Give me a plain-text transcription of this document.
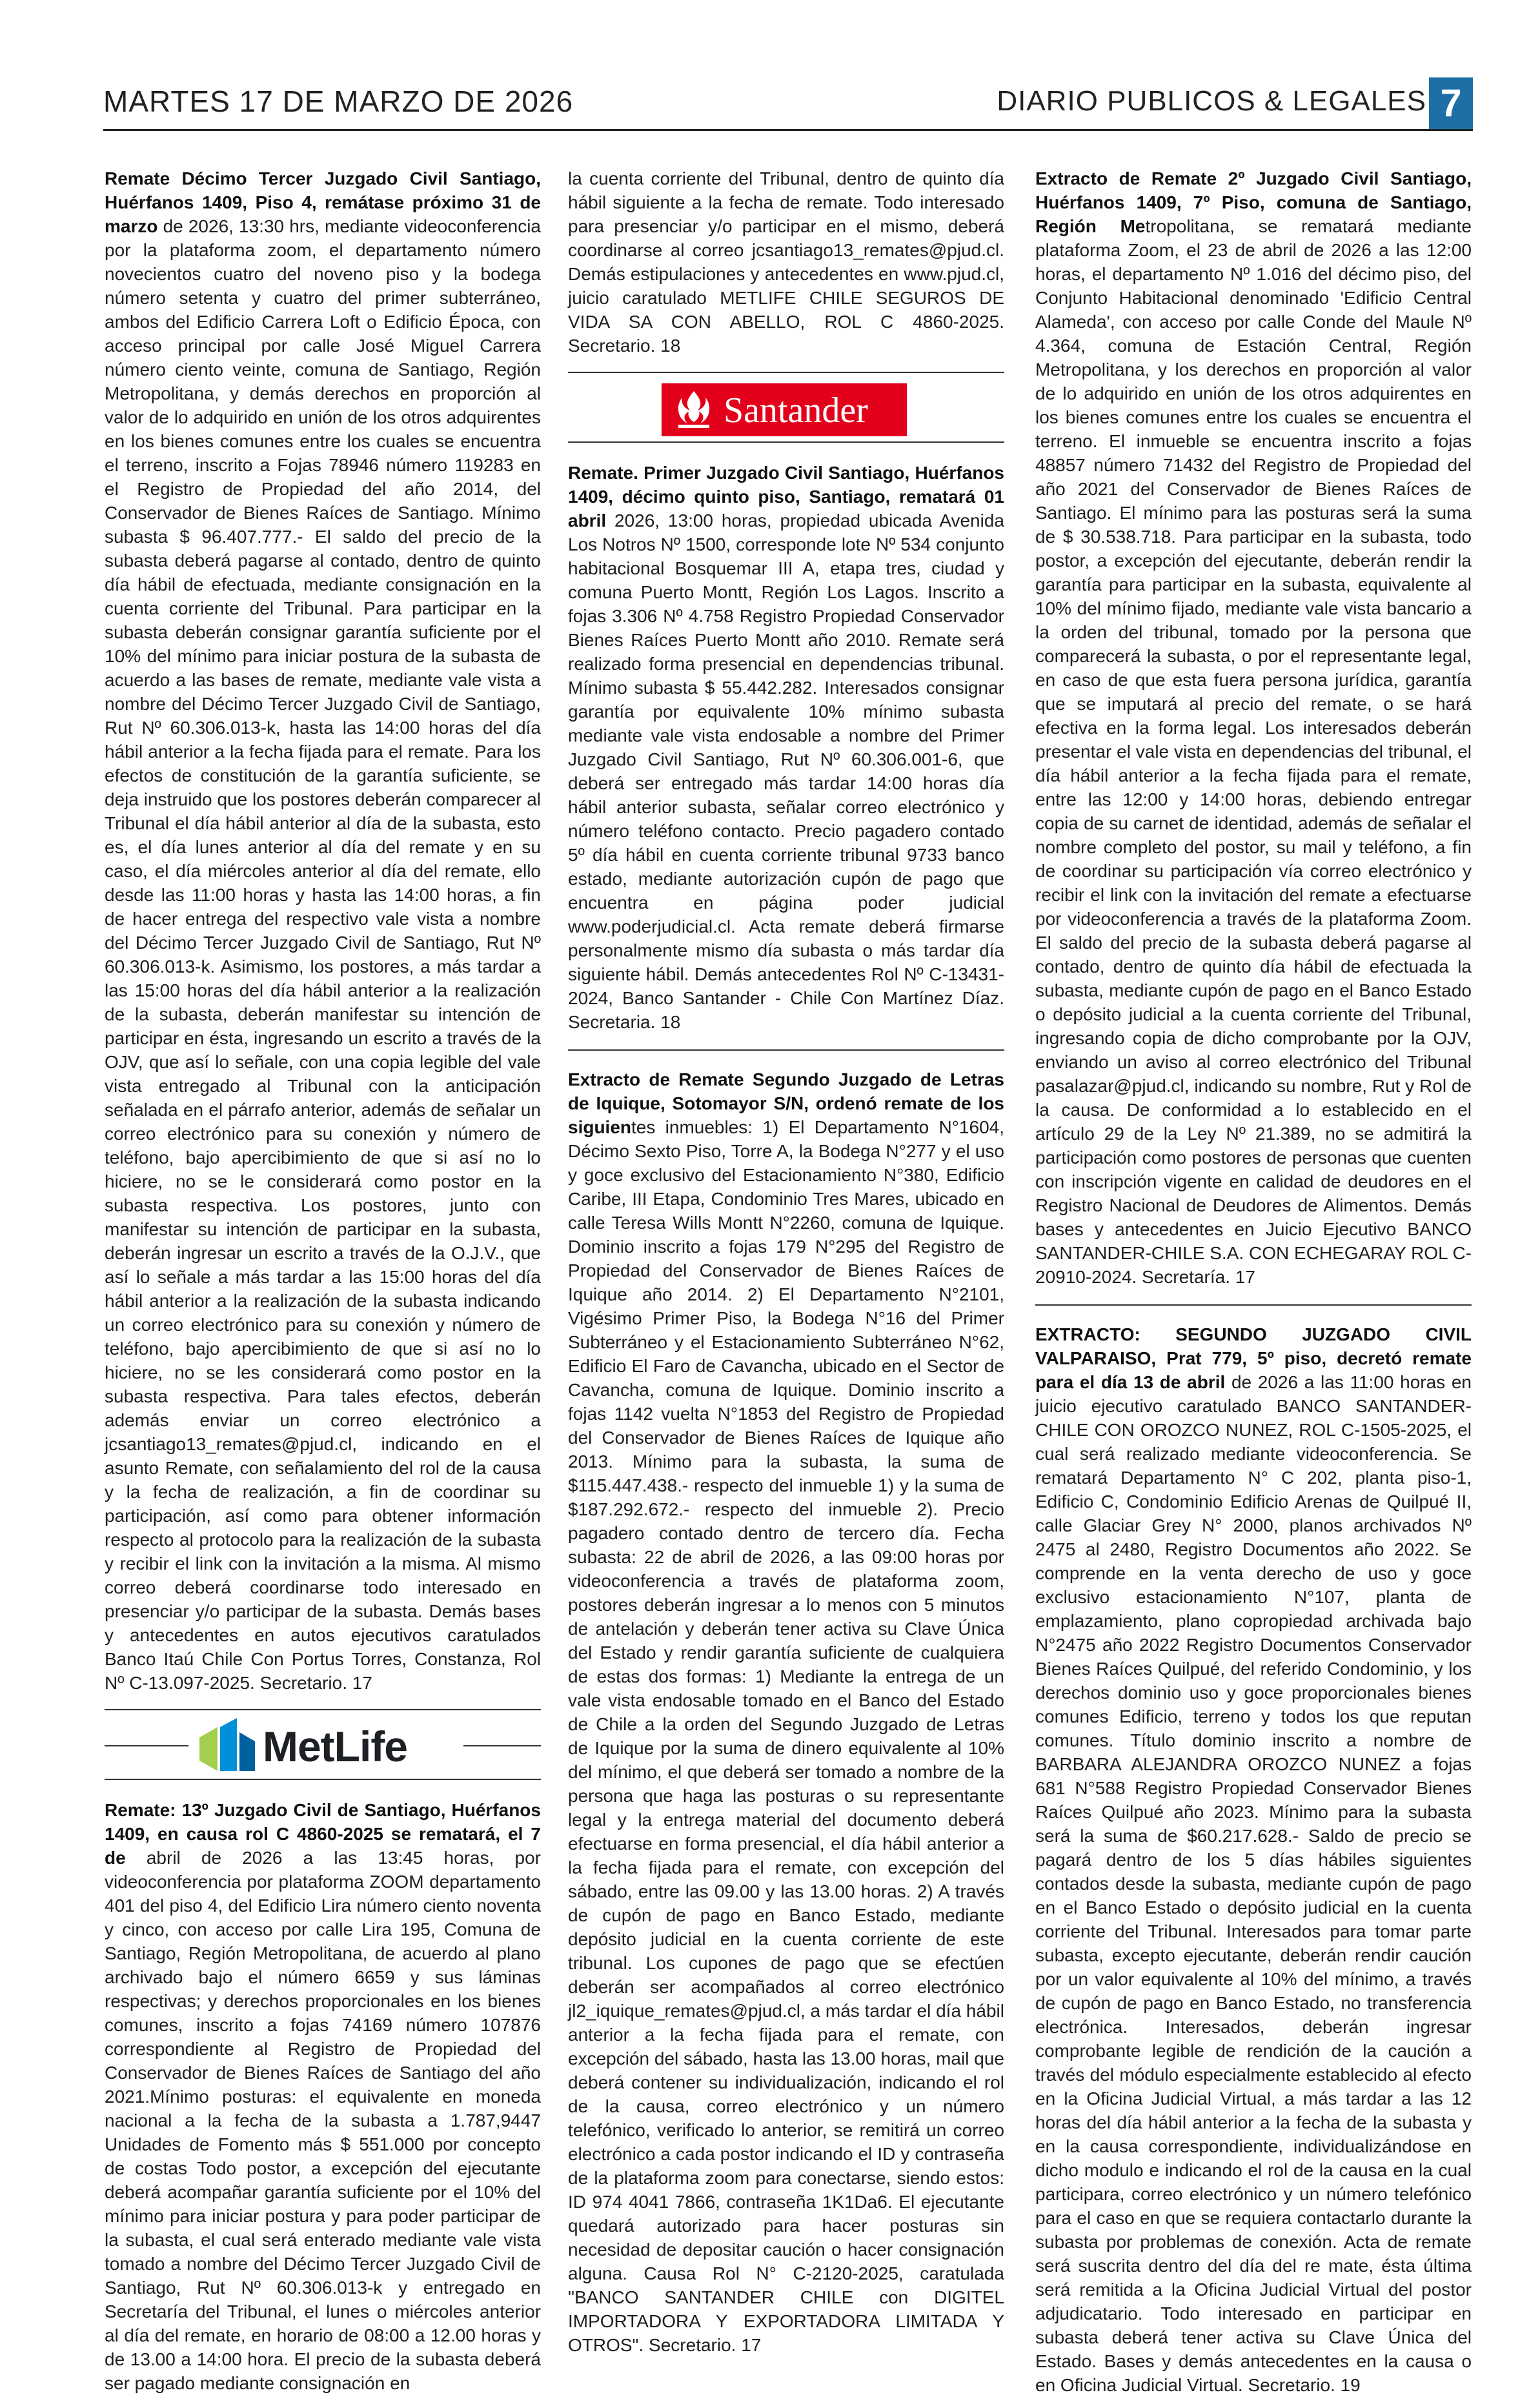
MARTES 17 DE MARZO DE 2026	DIARIO PUBLICOS & LEGALES 7
Remate Décimo Tercer Juzgado Civil Santiago, Huérfanos 1409, Piso 4, remátase próximo 31 de marzo de 2026, 13:30 hrs, mediante videoconferencia por la plataforma zoom, el departamento número novecientos cuatro del noveno piso y la bodega número setenta y cuatro del primer subterráneo, ambos del Edificio Carrera Loft o Edificio Época, con acceso principal por calle José Miguel Carrera número ciento veinte, comuna de Santiago, Región Metropolitana, y demás derechos en proporción al valor de lo adquirido en unión de los otros adquirentes en los bienes comunes entre los cuales se encuentra el terreno, inscrito a Fojas 78946 número 119283 en el Registro de Propiedad del año 2014, del Conservador de Bienes Raíces de Santiago. Mínimo subasta $ 96.407.777.- El saldo del precio de la subasta deberá pagarse al contado, dentro de quinto día hábil de efectuada, mediante consignación en la cuenta corriente del Tribunal. Para participar en la subasta deberán consignar garantía suficiente por el 10% del mínimo para iniciar postura de la subasta de acuerdo a las bases de remate, mediante vale vista a nombre del Décimo Tercer Juzgado Civil de Santiago, Rut Nº 60.306.013-k, hasta las 14:00 horas del día hábil anterior a la fecha fijada para el remate. Para los efectos de constitución de la garantía suficiente, se deja instruido que los postores deberán comparecer al Tribunal el día hábil anterior al día de la subasta, esto es, el día lunes anterior al día del remate y en su caso, el día miércoles anterior al día del remate, ello desde las 11:00 horas y hasta las 14:00 horas, a fin de hacer entrega del respectivo vale vista a nombre del Décimo Tercer Juzgado Civil de Santiago, Rut Nº 60.306.013-k. Asimismo, los postores, a más tardar a las 15:00 horas del día hábil anterior a la realización de la subasta, deberán manifestar su intención de participar en ésta, ingresando un escrito a través de la OJV, que así lo señale, con una copia legible del vale vista entregado al Tribunal con la anticipación señalada en el párrafo anterior, además de señalar un correo electrónico para su conexión y número de teléfono, bajo apercibimiento de que si así no lo hiciere, no se le considerará como postor en la subasta respectiva. Los postores, junto con manifestar su intención de participar en la subasta, deberán ingresar un escrito a través de la O.J.V., que así lo señale a más tardar a las 15:00 horas del día hábil anterior a la realización de la subasta indicando un correo electrónico para su conexión y número de teléfono, bajo apercibimiento de que si así no lo hiciere, no se les considerará como postor en la subasta respectiva. Para tales efectos, deberán además enviar un correo electrónico a jcsantiago13_remates@pjud.cl, indicando en el asunto Remate, con señalamiento del rol de la causa y la fecha de realización, a fin de coordinar su participación, así como para obtener información respecto al protocolo para la realización de la subasta y recibir el link con la invitación a la misma. Al mismo correo deberá coordinarse todo interesado en presenciar y/o participar de la subasta. Demás bases y antecedentes en autos ejecutivos caratulados Banco Itaú Chile Con Portus Torres, Constanza, Rol Nº C-13.097-2025. Secretario. 17
MetLife
Remate: 13º Juzgado Civil de Santiago, Huérfanos 1409, en causa rol C 4860-2025 se rematará, el 7 de abril de 2026 a las 13:45 horas, por videoconferencia por plataforma ZOOM departamento 401 del piso 4, del Edificio Lira número ciento noventa y cinco, con acceso por calle Lira 195, Comuna de Santiago, Región Metropolitana, de acuerdo al plano archivado bajo el número 6659 y sus láminas respectivas; y derechos proporcionales en los bienes comunes, inscrito a fojas 74169 número 107876 correspondiente al Registro de Propiedad del Conservador de Bienes Raíces de Santiago del año 2021.Mínimo posturas: el equivalente en moneda nacional a la fecha de la subasta a 1.787,9447 Unidades de Fomento más $ 551.000 por concepto de costas Todo postor, a excepción del ejecutante deberá acompañar garantía suficiente por el 10% del mínimo para iniciar postura y para poder participar de la subasta, el cual será enterado mediante vale vista tomado a nombre del Décimo Tercer Juzgado Civil de Santiago, Rut Nº 60.306.013-k y entregado en Secretaría del Tribunal, el lunes o miércoles anterior al día del remate, en horario de 08:00 a 12.00 horas y de 13.00 a 14:00 hora. El precio de la subasta deberá ser pagado mediante consignación en
la cuenta corriente del Tribunal, dentro de quinto día hábil siguiente a la fecha de remate. Todo interesado para presenciar y/o participar en el mismo, deberá coordinarse al correo jcsantiago13_remates@pjud.cl. Demás estipulaciones y antecedentes en www.pjud.cl, juicio caratulado METLIFE CHILE SEGUROS DE VIDA SA CON ABELLO, ROL C 4860-2025. Secretario. 18
Santander
Remate. Primer Juzgado Civil Santiago, Huérfanos 1409, décimo quinto piso, Santiago, rematará 01 abril 2026, 13:00 horas, propiedad ubicada Avenida Los Notros Nº 1500, corresponde lote Nº 534 conjunto habitacional Bosquemar III A, etapa tres, ciudad y comuna Puerto Montt, Región Los Lagos. Inscrito a fojas 3.306 Nº 4.758 Registro Propiedad Conservador Bienes Raíces Puerto Montt año 2010. Remate será realizado forma presencial en dependencias tribunal. Mínimo subasta $ 55.442.282. Interesados consignar garantía por equivalente 10% mínimo subasta mediante vale vista endosable a nombre del Primer Juzgado Civil Santiago, Rut Nº 60.306.001-6, que deberá ser entregado más tardar 14:00 horas día hábil anterior subasta, señalar correo electrónico y número teléfono contacto. Precio pagadero contado 5º día hábil en cuenta corriente tribunal 9733 banco estado, mediante autorización cupón de pago que encuentra en página poder judicial www.poderjudicial.cl. Acta remate deberá firmarse personalmente mismo día subasta o más tardar día siguiente hábil. Demás antecedentes Rol Nº C-13431-2024, Banco Santander - Chile Con Martínez Díaz. Secretaria. 18
Extracto de Remate Segundo Juzgado de Letras de Iquique, Sotomayor S/N, ordenó remate de los siguientes inmuebles: 1) El Departamento N°1604, Décimo Sexto Piso, Torre A, la Bodega N°277 y el uso y goce exclusivo del Estacionamiento N°380, Edificio Caribe, III Etapa, Condominio Tres Mares, ubicado en calle Teresa Wills Montt N°2260, comuna de Iquique. Dominio inscrito a fojas 179 N°295 del Registro de Propiedad del Conservador de Bienes Raíces de Iquique año 2014. 2) El Departamento N°2101, Vigésimo Primer Piso, la Bodega N°16 del Primer Subterráneo y el Estacionamiento Subterráneo N°62, Edificio El Faro de Cavancha, ubicado en el Sector de Cavancha, comuna de Iquique. Dominio inscrito a fojas 1142 vuelta N°1853 del Registro de Propiedad del Conservador de Bienes Raíces de Iquique año 2013. Mínimo para la subasta, la suma de $115.447.438.- respecto del inmueble 1) y la suma de $187.292.672.- respecto del inmueble 2). Precio pagadero contado dentro de tercero día. Fecha subasta: 22 de abril de 2026, a las 09:00 horas por videoconferencia a través de plataforma zoom, postores deberán ingresar a lo menos con 5 minutos de antelación y deberán tener activa su Clave Única del Estado y rendir garantía suficiente de cualquiera de estas dos formas: 1) Mediante la entrega de un vale vista endosable tomado en el Banco del Estado de Chile a la orden del Segundo Juzgado de Letras de Iquique por la suma de dinero equivalente al 10% del mínimo, el que deberá ser tomado a nombre de la persona que haga las posturas o su representante legal y la entrega material del documento deberá efectuarse en forma presencial, el día hábil anterior a la fecha fijada para el remate, con excepción del sábado, entre las 09.00 y las 13.00 horas. 2) A través de cupón de pago en Banco Estado, mediante depósito judicial en la cuenta corriente de este tribunal. Los cupones de pago que se efectúen deberán ser acompañados al correo electrónico jl2_iquique_remates@pjud.cl, a más tardar el día hábil anterior a la fecha fijada para el remate, con excepción del sábado, hasta las 13.00 horas, mail que deberá contener su individualización, indicando el rol de la causa, correo electrónico y un número telefónico, verificado lo anterior, se remitirá un correo electrónico a cada postor indicando el ID y contraseña de la plataforma zoom para conectarse, siendo estos: ID 974 4041 7866, contraseña 1K1Da6. El ejecutante quedará autorizado para hacer posturas sin necesidad de depositar caución o hacer consignación alguna. Causa Rol N° C-2120-2025, caratulada "BANCO SANTANDER CHILE con DIGITEL IMPORTADORA Y EXPORTADORA LIMITADA Y OTROS". Secretario. 17
Extracto de Remate 2º Juzgado Civil Santiago, Huérfanos 1409, 7º Piso, comuna de Santiago, Región Metropolitana, se rematará mediante plataforma Zoom, el 23 de abril de 2026 a las 12:00 horas, el departamento Nº 1.016 del décimo piso, del Conjunto Habitacional denominado 'Edificio Central Alameda', con acceso por calle Conde del Maule Nº 4.364, comuna de Estación Central, Región Metropolitana, y los derechos en proporción al valor de lo adquirido en unión de los otros adquirentes en los bienes comunes entre los cuales se encuentra el terreno. El inmueble se encuentra inscrito a fojas 48857 número 71432 del Registro de Propiedad del año 2021 del Conservador de Bienes Raíces de Santiago. El mínimo para las posturas será la suma de $ 30.538.718. Para participar en la subasta, todo postor, a excepción del ejecutante, deberán rendir la garantía para participar en la subasta, equivalente al 10% del mínimo fijado, mediante vale vista bancario a la orden del tribunal, tomado por la persona que comparecerá la subasta, o por el representante legal, en caso de que esta fuera persona jurídica, garantía que se imputará al precio del remate, o se hará efectiva en la forma legal. Los interesados deberán presentar el vale vista en dependencias del tribunal, el día hábil anterior a la fecha fijada para el remate, entre las 12:00 y 14:00 horas, debiendo entregar copia de su carnet de identidad, además de señalar el nombre completo del postor, su mail y teléfono, a fin de coordinar su participación vía correo electrónico y recibir el link con la invitación del remate a efectuarse por videoconferencia a través de la plataforma Zoom. El saldo del precio de la subasta deberá pagarse al contado, dentro de quinto día hábil de efectuada la subasta, mediante cupón de pago en el Banco Estado o depósito judicial a la cuenta corriente del Tribunal, ingresando copia de dicho comprobante por la OJV, enviando un aviso al correo electrónico del Tribunal pasalazar@pjud.cl, indicando su nombre, Rut y Rol de la causa. De conformidad a lo establecido en el artículo 29 de la Ley Nº 21.389, no se admitirá la participación como postores de personas que cuenten con inscripción vigente en calidad de deudores en el Registro Nacional de Deudores de Alimentos. Demás bases y antecedentes en Juicio Ejecutivo BANCO SANTANDER-CHILE S.A. CON ECHEGARAY ROL C-20910-2024. Secretaría. 17
EXTRACTO: SEGUNDO JUZGADO CIVIL VALPARAISO, Prat 779, 5º piso, decretó remate para el día 13 de abril de 2026 a las 11:00 horas en juicio ejecutivo caratulado BANCO SANTANDER-CHILE CON OROZCO NUNEZ, ROL C-1505-2025, el cual será realizado mediante videoconferencia. Se rematará Departamento N° C 202, planta piso-1, Edificio C, Condominio Edificio Arenas de Quilpué II, calle Glaciar Grey N° 2000, planos archivados Nº 2475 al 2480, Registro Documentos año 2022. Se comprende en la venta derecho de uso y goce exclusivo estacionamiento N°107, planta de emplazamiento, plano copropiedad archivada bajo N°2475 año 2022 Registro Documentos Conservador Bienes Raíces Quilpué, del referido Condominio, y los derechos dominio uso y goce proporcionales bienes comunes Edificio, terreno y todos los que reputan comunes. Título dominio inscrito a nombre de BARBARA ALEJANDRA OROZCO NUNEZ a fojas 681 N°588 Registro Propiedad Conservador Bienes Raíces Quilpué año 2023. Mínimo para la subasta será la suma de $60.217.628.- Saldo de precio se pagará dentro de los 5 días hábiles siguientes contados desde la subasta, mediante cupón de pago en el Banco Estado o depósito judicial en la cuenta corriente del Tribunal. Interesados para tomar parte subasta, excepto ejecutante, deberán rendir caución por un valor equivalente al 10% del mínimo, a través de cupón de pago en Banco Estado, no transferencia electrónica. Interesados, deberán ingresar comprobante legible de rendición de la caución a través del módulo especialmente establecido al efecto en la Oficina Judicial Virtual, a más tardar a las 12 horas del día hábil anterior a la fecha de la subasta y en la causa correspondiente, individualizándose en dicho modulo e indicando el rol de la causa en la cual participara, correo electrónico y un número telefónico para el caso en que se requiera contactarlo durante la subasta por problemas de conexión. Acta de remate será suscrita dentro del día del re mate, ésta última será remitida a la Oficina Judicial Virtual del postor adjudicatario. Todo interesado en participar en subasta deberá tener activa su Clave Única del Estado. Bases y demás antecedentes en la causa o en Oficina Judicial Virtual. Secretario. 19
